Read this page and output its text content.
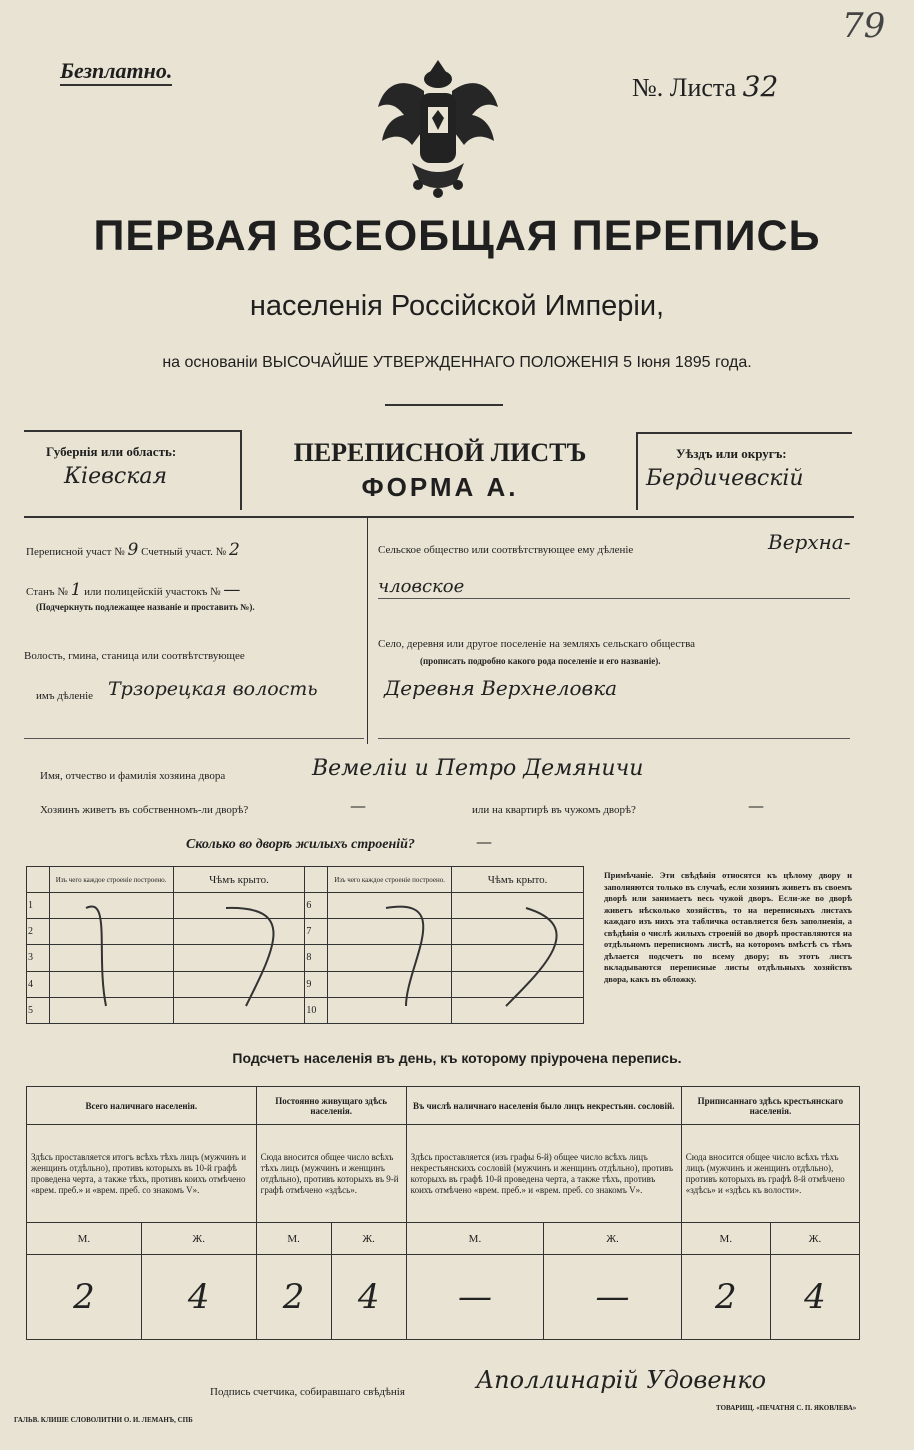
79
Безплатно.
№. Листа 32
ПЕРВАЯ ВСЕОБЩАЯ ПЕРЕПИСЬ
населенія Россійской Имперіи,
на основаніи ВЫСОЧАЙШЕ УТВЕРЖДЕННАГО ПОЛОЖЕНІЯ 5 Іюня 1895 года.
Губернія или область:
Кіевская
ПЕРЕПИСНОЙ ЛИСТЪ
ФОРМА А.
Уѣздъ или округъ:
Бердичевскій
Переписной участ № 9 Счетный участ. № 2
Станъ № 1 или полицейскій участокъ № —
(Подчеркнуть подлежащее названіе и проставить №).
Волость, гмина, станица или соотвѣтствующее
имъ дѣленіе Трзорецкая волость
Сельское общество или соотвѣтствующее ему дѣленіе	Верхна-
чловское
Село, деревня или другое поселеніе на земляхъ сельскаго общества
(прописать подробно какого рода поселеніе и его названіе).
Деревня Верхнеловка
Имя, отчество и фамилія хозяина двора	Вемеліи и Петро Демяничи
Хозяинъ живетъ въ собственномъ-ли дворѣ?	—	или на квартирѣ въ чужомъ дворѣ?	—
Сколько во дворѣ жилыхъ строеній?	—
	Изъ чего каждое строеніе построено.	Чѣмъ крыто.		Изъ чего каждое строеніе построено.	Чѣмъ крыто.
1			6		
2			7		
3			8		
4			9		
5			10		
Примѣчаніе. Эти свѣдѣнія относятся къ цѣлому двору и заполняются только въ случаѣ, если хозяинъ живетъ въ своемъ дворѣ или занимаетъ весь чужой дворъ. Если-же во дворѣ живетъ нѣсколько хозяйствъ, то на переписныхъ листахъ каждаго изъ нихъ эта табличка оставляется безъ заполненія, а свѣдѣнія о числѣ жилыхъ строеній во дворѣ проставляются на отдѣльномъ переписномъ листѣ, на которомъ вмѣстѣ съ тѣмъ дѣлается подсчетъ по всему двору; въ этотъ листъ вкладываются переписные листы отдѣльныхъ хозяйствъ двора, какъ въ обложку.
Подсчетъ населенія въ день, къ которому пріурочена перепись.
Всего наличнаго населенія.		Постоянно живущаго здѣсь населенія.		Въ числѣ наличнаго населенія было лицъ некрестьян. сословій.		Приписаннаго здѣсь крестьянскаго населенія.	
Здѣсь проставляется итогъ всѣхъ тѣхъ лицъ (мужчинъ и женщинъ отдѣльно), противъ которыхъ въ 10-й графѣ проведена черта, а также тѣхъ, противъ коихъ отмѣчено «врем. преб.» и «врем. преб. со знакомъ V».		Сюда вносится общее число всѣхъ тѣхъ лицъ (мужчинъ и женщинъ отдѣльно), противъ которыхъ въ 9-й графѣ отмѣчено «здѣсь».		Здѣсь проставляется (изъ графы 6-й) общее число всѣхъ лицъ некрестьянскихъ сословій (мужчинъ и женщинъ отдѣльно), противъ которыхъ въ графѣ 10-й проведена черта, а также тѣхъ, противъ коихъ отмѣчено «врем. преб.» и «врем. преб. со знакомъ V».		Сюда вносится общее число всѣхъ тѣхъ лицъ (мужчинъ и женщинъ отдѣльно), противъ которыхъ въ графѣ 8-й отмѣчено «здѣсь» и «здѣсь къ волости».	
М.	Ж.	М.	Ж.	М.	Ж.	М.	Ж.
2	4	2	4	—	—	2	4
Подпись счетчика, собиравшаго свѣдѣнія	Аполлинарій Удовенко
ГАЛЬВ. КЛИШЕ СЛОВОЛИТНИ О. И. ЛЕМАНЪ, СПБ
ТОВАРИЩ. «ПЕЧАТНЯ С. П. ЯКОВЛЕВА»
